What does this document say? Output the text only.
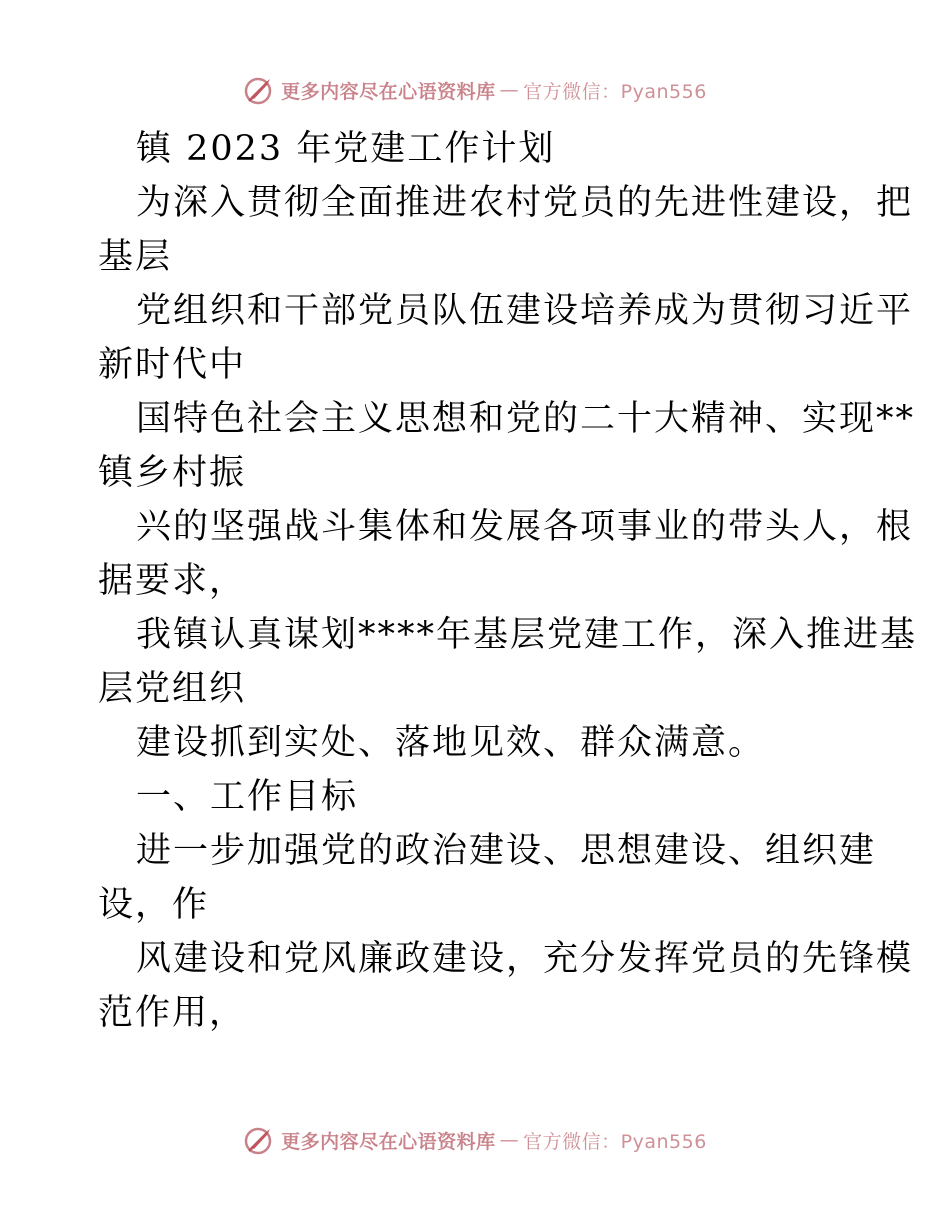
更多内容尽在心语资料库 — 官方微信：Pyan556
镇 2023 年党建工作计划
为深入贯彻全面推进农村党员的先进性建设，把
基层
党组织和干部党员队伍建设培养成为贯彻习近平
新时代中
国特色社会主义思想和党的二十大精神、实现**
镇乡村振
兴的坚强战斗集体和发展各项事业的带头人，根
据要求，
我镇认真谋划****年基层党建工作，深入推进基
层党组织
建设抓到实处、落地见效、群众满意。
一、工作目标
进一步加强党的政治建设、思想建设、组织建
设，作
风建设和党风廉政建设，充分发挥党员的先锋模
范作用，
更多内容尽在心语资料库 — 官方微信：Pyan556
